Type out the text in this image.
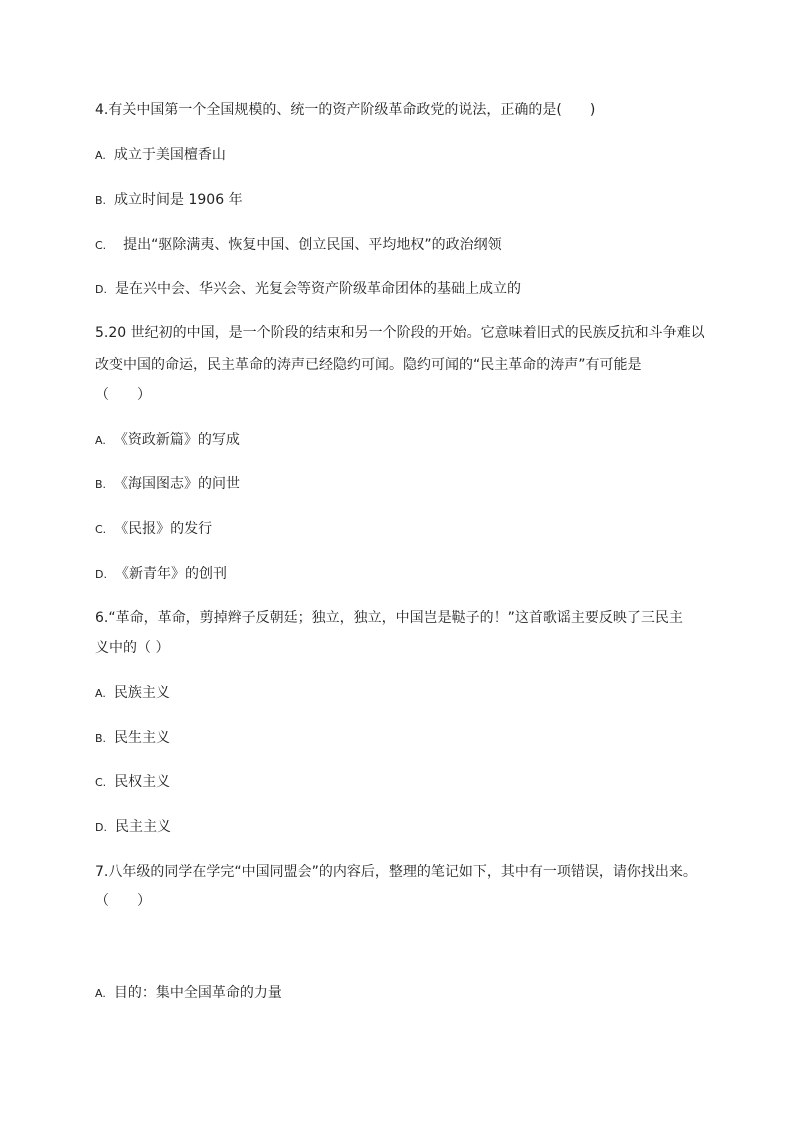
4.有关中国第一个全国规模的、统一的资产阶级革命政党的说法，正确的是(　　)
A. 成立于美国檀香山
B. 成立时间是 1906 年
C.  提出“驱除满夷、恢复中国、创立民国、平均地权”的政治纲领
D. 是在兴中会、华兴会、光复会等资产阶级革命团体的基础上成立的
5.20 世纪初的中国，是一个阶段的结束和另一个阶段的开始。它意味着旧式的民族反抗和斗争难以
改变中国的命运，民主革命的涛声已经隐约可闻。隐约可闻的“民主革命的涛声”有可能是
（　　）
A. 《资政新篇》的写成
B. 《海国图志》的问世
C. 《民报》的发行
D. 《新青年》的创刊
6.“革命，革命，剪掉辫子反朝廷；独立，独立，中国岂是鞑子的！”这首歌谣主要反映了三民主
义中的（ ）
A. 民族主义
B. 民生主义
C. 民权主义
D. 民主主义
7.八年级的同学在学完“中国同盟会”的内容后，整理的笔记如下，其中有一项错误，请你找出来。
（　　）
A. 目的：集中全国革命的力量
